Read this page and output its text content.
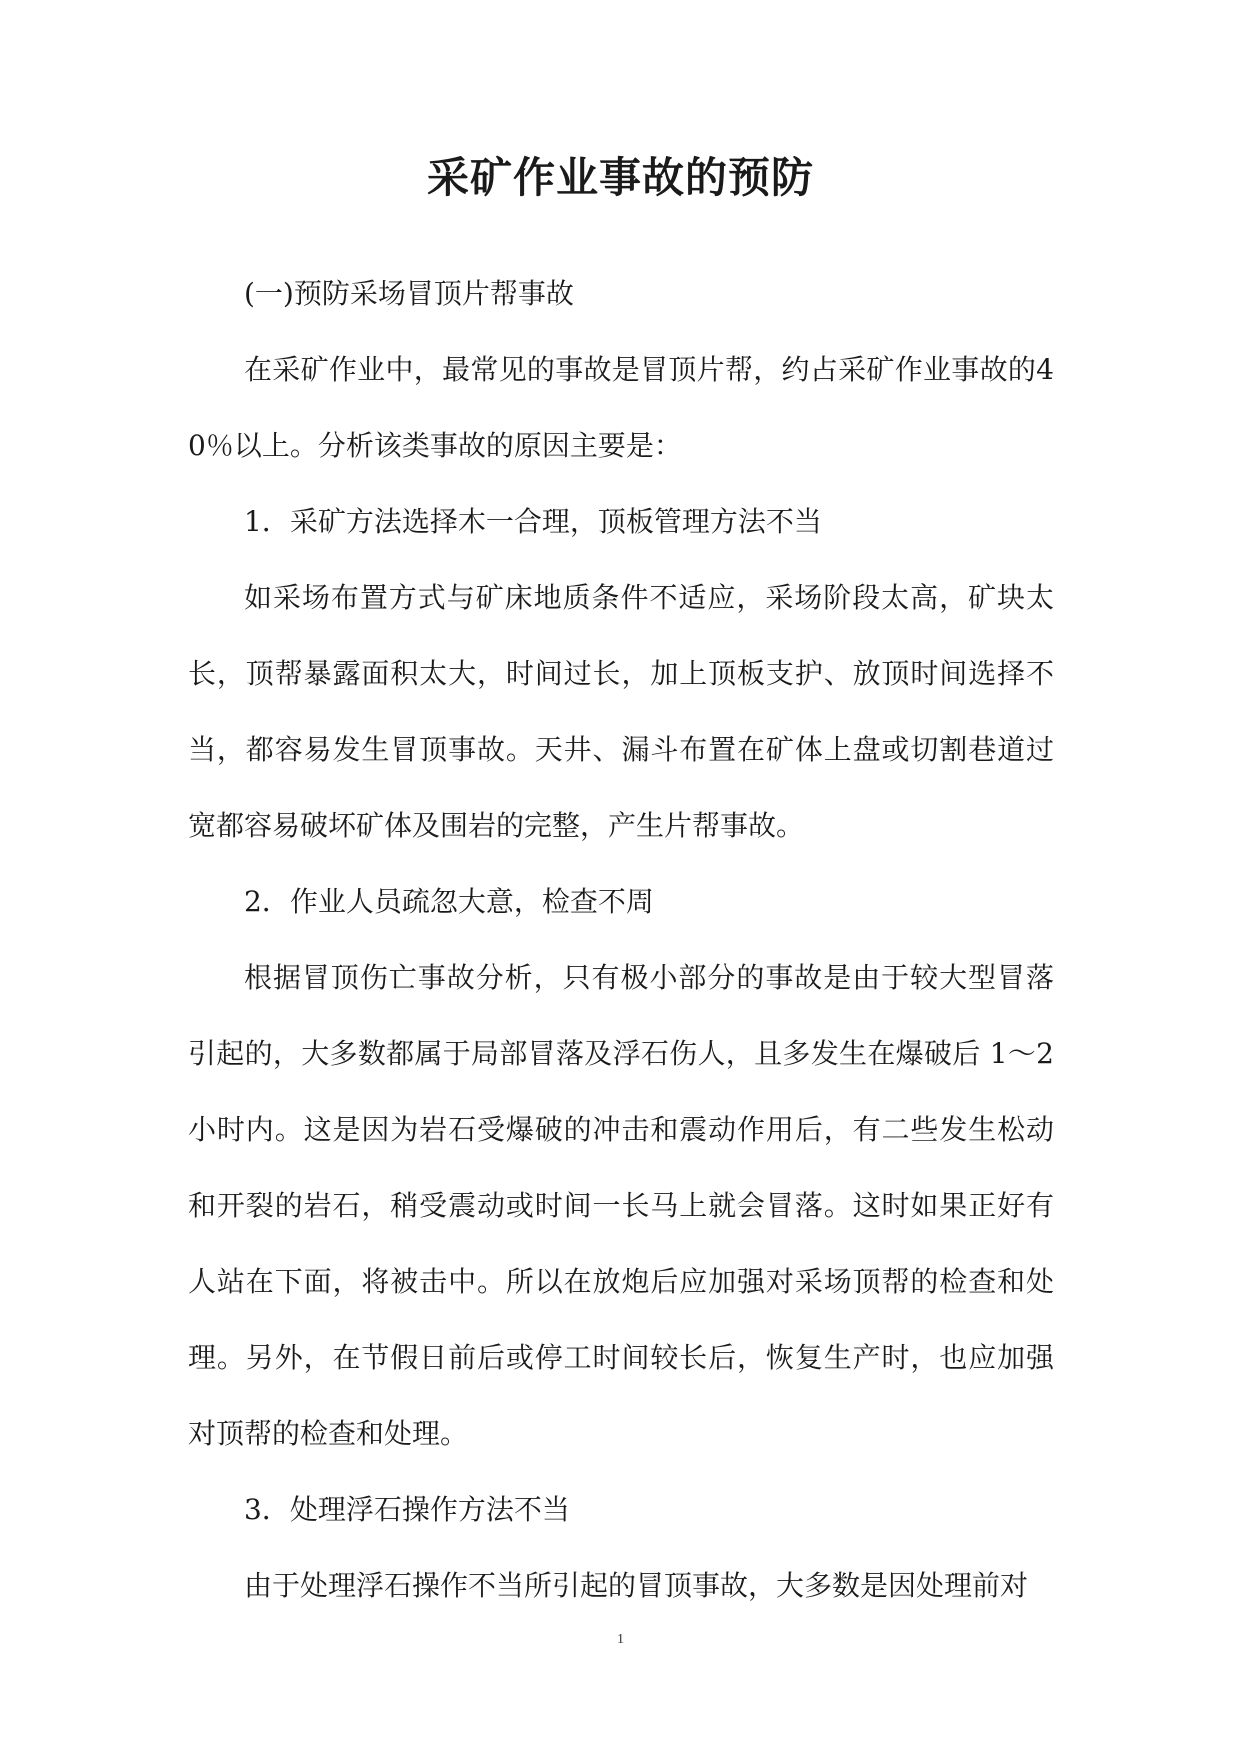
采矿作业事故的预防

(一)预防采场冒顶片帮事故

在采矿作业中，最常见的事故是冒顶片帮，约占采矿作业事故的40％以上。分析该类事故的原因主要是：

1．采矿方法选择木一合理，顶板管理方法不当

如采场布置方式与矿床地质条件不适应，采场阶段太高，矿块太长，顶帮暴露面积太大，时间过长，加上顶板支护、放顶时间选择不当，都容易发生冒顶事故。天井、漏斗布置在矿体上盘或切割巷道过宽都容易破坏矿体及围岩的完整，产生片帮事故。

2．作业人员疏忽大意，检查不周

根据冒顶伤亡事故分析，只有极小部分的事故是由于较大型冒落引起的，大多数都属于局部冒落及浮石伤人，且多发生在爆破后 1～2 小时内。这是因为岩石受爆破的冲击和震动作用后，有二些发生松动和开裂的岩石，稍受震动或时间一长马上就会冒落。这时如果正好有人站在下面，将被击中。所以在放炮后应加强对采场顶帮的检查和处理。另外，在节假日前后或停工时间较长后，恢复生产时，也应加强对顶帮的检查和处理。

3．处理浮石操作方法不当

由于处理浮石操作不当所引起的冒顶事故，大多数是因处理前对

1
